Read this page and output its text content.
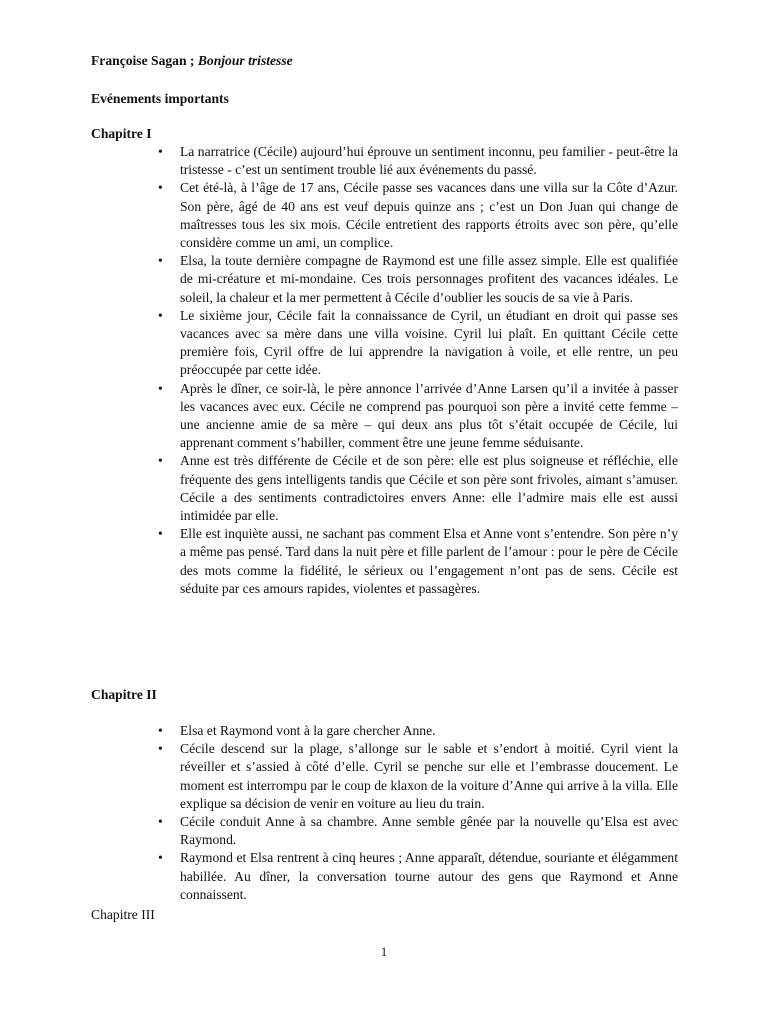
Françoise Sagan ; Bonjour tristesse

Evénements importants

Chapitre I

• La narratrice (Cécile) aujourd’hui éprouve un sentiment inconnu, peu familier - peut-être la tristesse - c’est un sentiment trouble lié aux événements du passé.
• Cet été-là, à l’âge de 17 ans, Cécile passe ses vacances dans une villa sur la Côte d’Azur. Son père, âgé de 40 ans est veuf depuis quinze ans ; c’est un Don Juan qui change de maîtresses tous les six mois. Cécile entretient des rapports étroits avec son père, qu’elle considère comme un ami, un complice.
• Elsa, la toute dernière compagne de Raymond est une fille assez simple. Elle est qualifiée de mi-créature et mi-mondaine. Ces trois personnages profitent des vacances idéales. Le soleil, la chaleur et la mer permettent à Cécile d’oublier les soucis de sa vie à Paris.
• Le sixième jour, Cécile fait la connaissance de Cyril, un étudiant en droit qui passe ses vacances avec sa mère dans une villa voisine. Cyril lui plaît. En quittant Cécile cette première fois, Cyril offre de lui apprendre la navigation à voile, et elle rentre, un peu préoccupée par cette idée.
• Après le dîner, ce soir-là, le père annonce l’arrivée d’Anne Larsen qu’il a invitée à passer les vacances avec eux. Cécile ne comprend pas pourquoi son père a invité cette femme – une ancienne amie de sa mère – qui deux ans plus tôt s’était occupée de Cécile, lui apprenant comment s’habiller, comment être une jeune femme séduisante.
• Anne est très différente de Cécile et de son père: elle est plus soigneuse et réfléchie, elle fréquente des gens intelligents tandis que Cécile et son père sont frivoles, aimant s’amuser. Cécile a des sentiments contradictoires envers Anne: elle l’admire mais elle est aussi intimidée par elle.
• Elle est inquiète aussi, ne sachant pas comment Elsa et Anne vont s’entendre. Son père n’y a même pas pensé. Tard dans la nuit père et fille parlent de l’amour : pour le père de Cécile des mots comme la fidélité, le sérieux ou l’engagement n’ont pas de sens. Cécile est séduite par ces amours rapides, violentes et passagères.

Chapitre II

• Elsa et Raymond vont à la gare chercher Anne.
• Cécile descend sur la plage, s’allonge sur le sable et s’endort à moitié. Cyril vient la réveiller et s’assied à côté d’elle. Cyril se penche sur elle et l’embrasse doucement. Le moment est interrompu par le coup de klaxon de la voiture d’Anne qui arrive à la villa. Elle explique sa décision de venir en voiture au lieu du train.
• Cécile conduit Anne à sa chambre. Anne semble gênée par la nouvelle qu’Elsa est avec Raymond.
• Raymond et Elsa rentrent à cinq heures ; Anne apparaît, détendue, souriante et élégamment habillée. Au dîner, la conversation tourne autour des gens que Raymond et Anne connaissent.

Chapitre III

1
